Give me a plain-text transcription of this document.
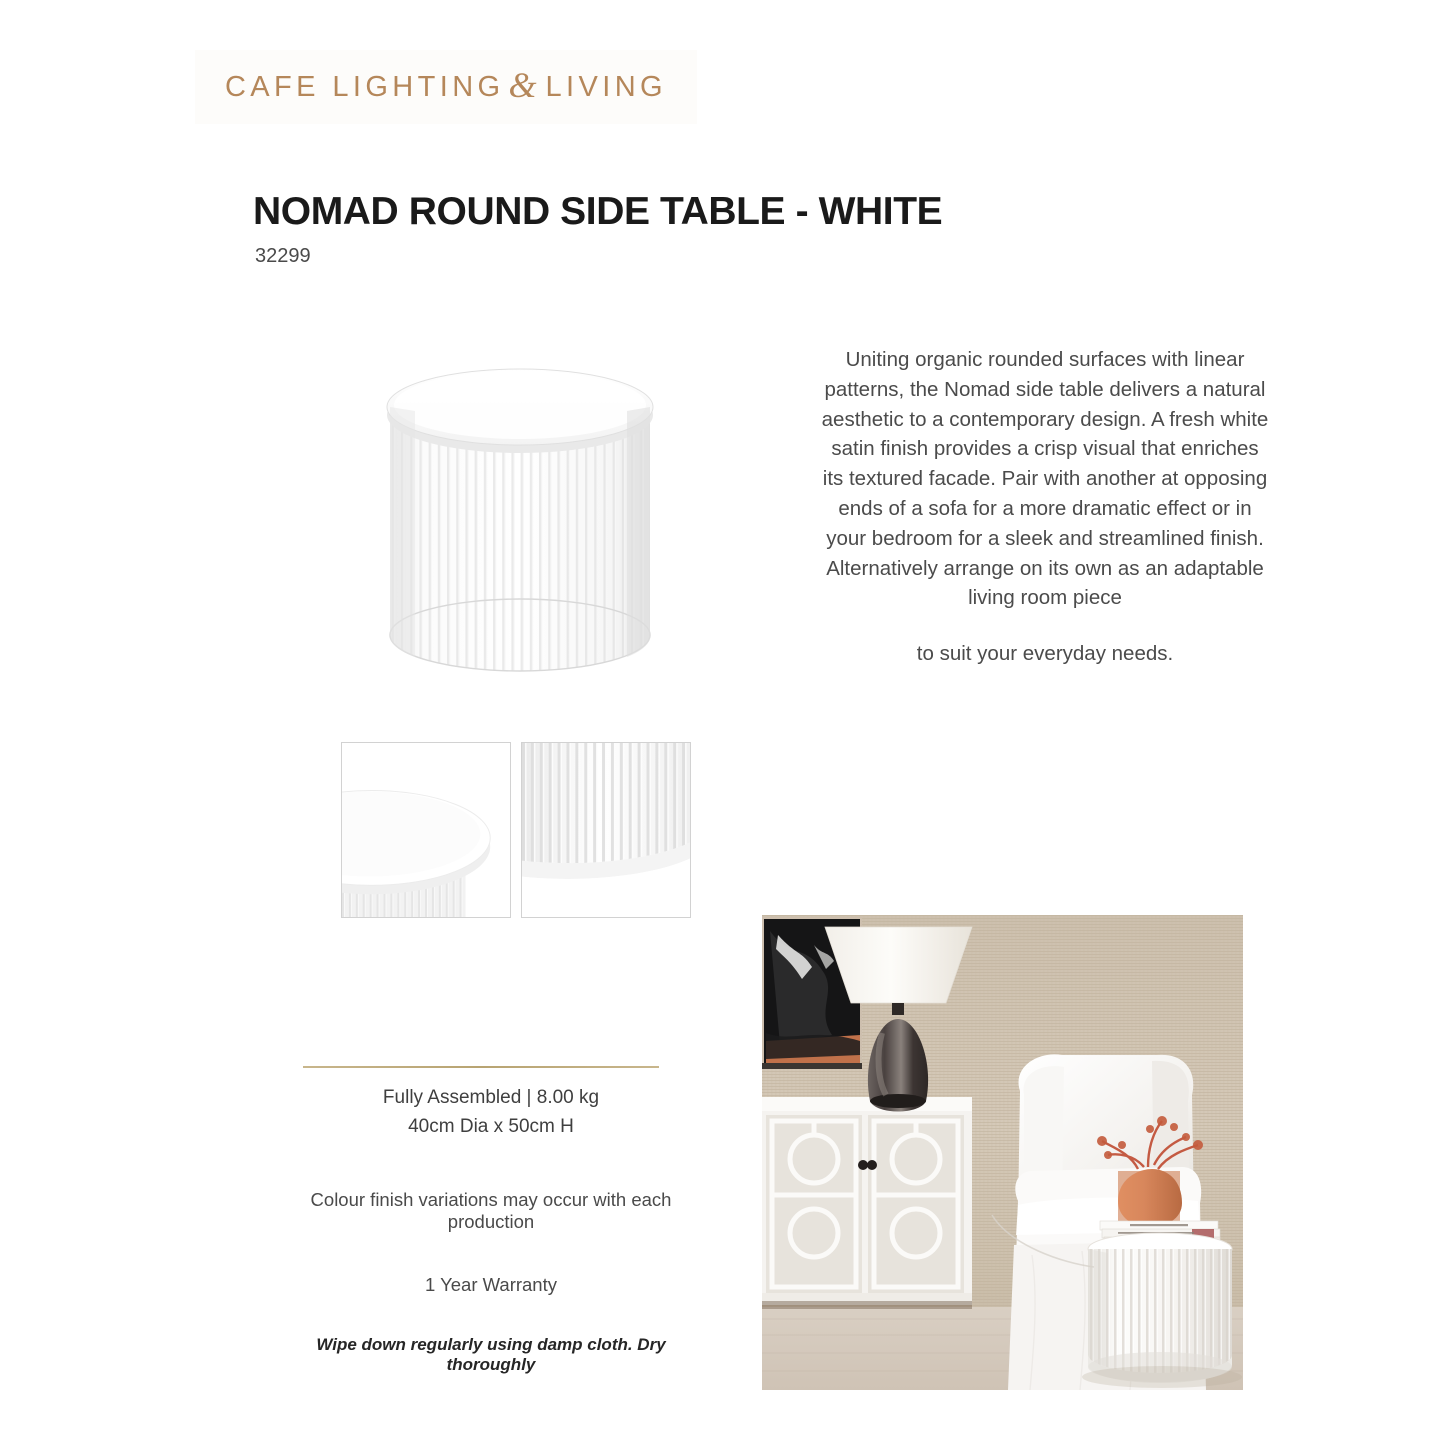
CAFE LIGHTING & LIVING
NOMAD ROUND SIDE TABLE - WHITE
32299

Uniting organic rounded surfaces with linear patterns, the Nomad side table delivers a natural aesthetic to a contemporary design. A fresh white satin finish provides a crisp visual that enriches its textured facade. Pair with another at opposing ends of a sofa for a more dramatic effect or in your bedroom for a sleek and streamlined finish. Alternatively arrange on its own as an adaptable living room piece

to suit your everyday needs.

Fully Assembled | 8.00 kg
40cm Dia x 50cm H
Colour finish variations may occur with each production
1 Year Warranty
Wipe down regularly using damp cloth. Dry thoroughly
